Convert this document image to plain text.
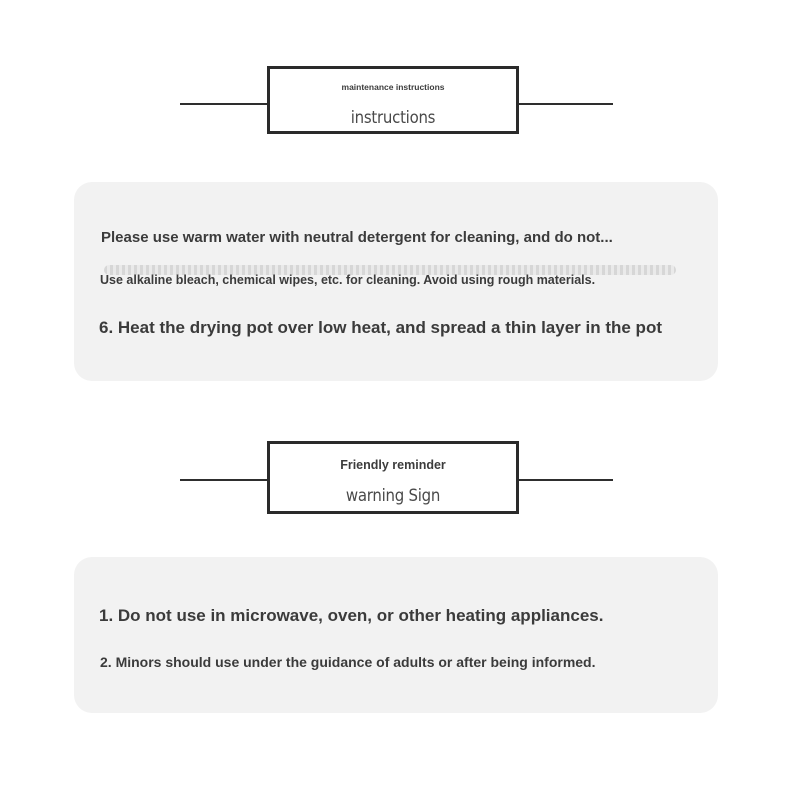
maintenance instructions
instructions
Please use warm water with neutral detergent for cleaning, and do not...
Use alkaline bleach, chemical wipes, etc. for cleaning. Avoid using rough materials.
6. Heat the drying pot over low heat, and spread a thin layer in the pot
Friendly reminder
warning Sign
1. Do not use in microwave, oven, or other heating appliances.
2. Minors should use under the guidance of adults or after being informed.
